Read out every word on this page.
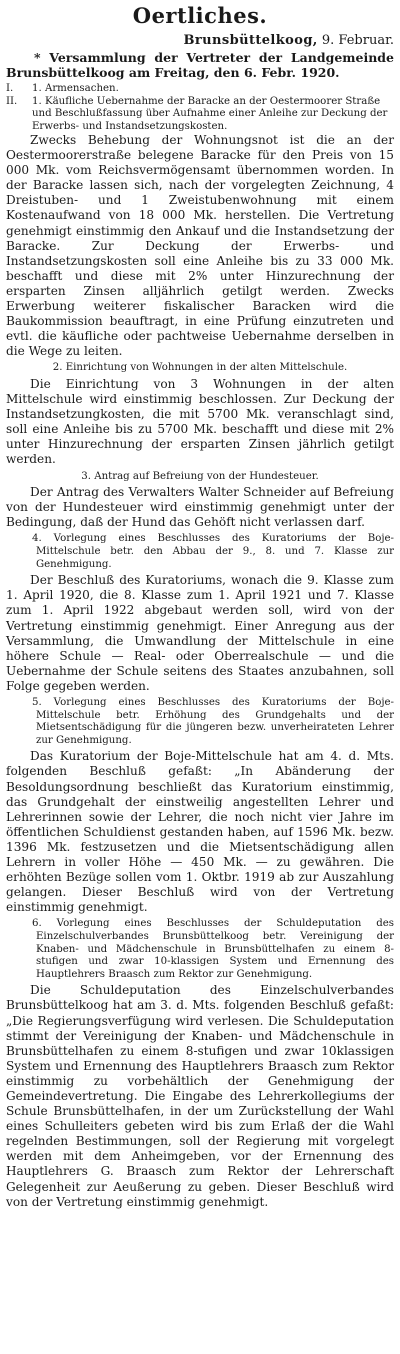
Oertliches.
Brunsbüttelkoog, 9. Februar.
* Versammlung der Vertreter der Landgemeinde Brunsbüttelkoog am Freitag, den 6. Febr. 1920.
I.	1. Armensachen.
II.	1. Käufliche Uebernahme der Baracke an der Oestermoorer Straße und Beschlußfassung über Aufnahme einer Anleihe zur Deckung der Erwerbs- und Instandsetzungskosten.

Zwecks Behebung der Wohnungsnot ist die an der Oestermoorerstraße belegene Baracke für den Preis von 15 000 Mk. vom Reichsvermögensamt übernommen worden. In der Baracke lassen sich, nach der vorgelegten Zeichnung, 4 Dreistuben- und 1 Zweistubenwohnung mit einem Kostenaufwand von 18 000 Mk. herstellen. Die Vertretung genehmigt einstimmig den Ankauf und die Instandsetzung der Baracke. Zur Deckung der Erwerbs- und Instandsetzungskosten soll eine Anleihe bis zu 33 000 Mk. beschafft und diese mit 2% unter Hinzurechnung der ersparten Zinsen alljährlich getilgt werden. Zwecks Erwerbung weiterer fiskalischer Baracken wird die Baukommission beauftragt, in eine Prüfung einzutreten und evtl. die käufliche oder pachtweise Uebernahme derselben in die Wege zu leiten.

2. Einrichtung von Wohnungen in der alten Mittelschule.

Die Einrichtung von 3 Wohnungen in der alten Mittelschule wird einstimmig beschlossen. Zur Deckung der Instandsetzungkosten, die mit 5700 Mk. veranschlagt sind, soll eine Anleihe bis zu 5700 Mk. beschafft und diese mit 2% unter Hinzurechnung der ersparten Zinsen jährlich getilgt werden.

3. Antrag auf Befreiung von der Hundesteuer.

Der Antrag des Verwalters Walter Schneider auf Befreiung von der Hundesteuer wird einstimmig genehmigt unter der Bedingung, daß der Hund das Gehöft nicht verlassen darf.

4. Vorlegung eines Beschlusses des Kuratoriums der Boje-Mittelschule betr. den Abbau der 9., 8. und 7. Klasse zur Genehmigung.

Der Beschluß des Kuratoriums, wonach die 9. Klasse zum 1. April 1920, die 8. Klasse zum 1. April 1921 und 7. Klasse zum 1. April 1922 abgebaut werden soll, wird von der Vertretung einstimmig genehmigt. Einer Anregung aus der Versammlung, die Umwandlung der Mittelschule in eine höhere Schule — Real- oder Oberrealschule — und die Uebernahme der Schule seitens des Staates anzubahnen, soll Folge gegeben werden.

5. Vorlegung eines Beschlusses des Kuratoriums der Boje-Mittelschule betr. Erhöhung des Grundgehalts und der Mietsentschädigung für die jüngeren bezw. unverheirateten Lehrer zur Genehmigung.

Das Kuratorium der Boje-Mittelschule hat am 4. d. Mts. folgenden Beschluß gefaßt: „In Abänderung der Besoldungsordnung beschließt das Kuratorium einstimmig, das Grundgehalt der einstweilig angestellten Lehrer und Lehrerinnen sowie der Lehrer, die noch nicht vier Jahre im öffentlichen Schuldienst gestanden haben, auf 1596 Mk. bezw. 1396 Mk. festzusetzen und die Mietsentschädigung allen Lehrern in voller Höhe — 450 Mk. — zu gewähren. Die erhöhten Bezüge sollen vom 1. Oktbr. 1919 ab zur Auszahlung gelangen. Dieser Beschluß wird von der Vertretung einstimmig genehmigt.

6. Vorlegung eines Beschlusses der Schuldeputation des Einzelschulverbandes Brunsbüttelkoog betr. Vereinigung der Knaben- und Mädchenschule in Brunsbüttelhafen zu einem 8-stufigen und zwar 10-klassigen System und Ernennung des Hauptlehrers Braasch zum Rektor zur Genehmigung.

Die Schuldeputation des Einzelschulverbandes Brunsbüttelkoog hat am 3. d. Mts. folgenden Beschluß gefaßt: „Die Regierungsverfügung wird verlesen. Die Schuldeputation stimmt der Vereinigung der Knaben- und Mädchenschule in Brunsbüttelhafen zu einem 8-stufigen und zwar 10klassigen System und Ernennung des Hauptlehrers Braasch zum Rektor einstimmig zu vorbehältlich der Genehmigung der Gemeindevertretung. Die Eingabe des Lehrerkollegiums der Schule Brunsbüttelhafen, in der um Zurückstellung der Wahl eines Schulleiters gebeten wird bis zum Erlaß der die Wahl regelnden Bestimmungen, soll der Regierung mit vorgelegt werden mit dem Anheimgeben, vor der Ernennung des Hauptlehrers G. Braasch zum Rektor der Lehrerschaft Gelegenheit zur Aeußerung zu geben. Dieser Beschluß wird von der Vertretung einstimmig genehmigt.
